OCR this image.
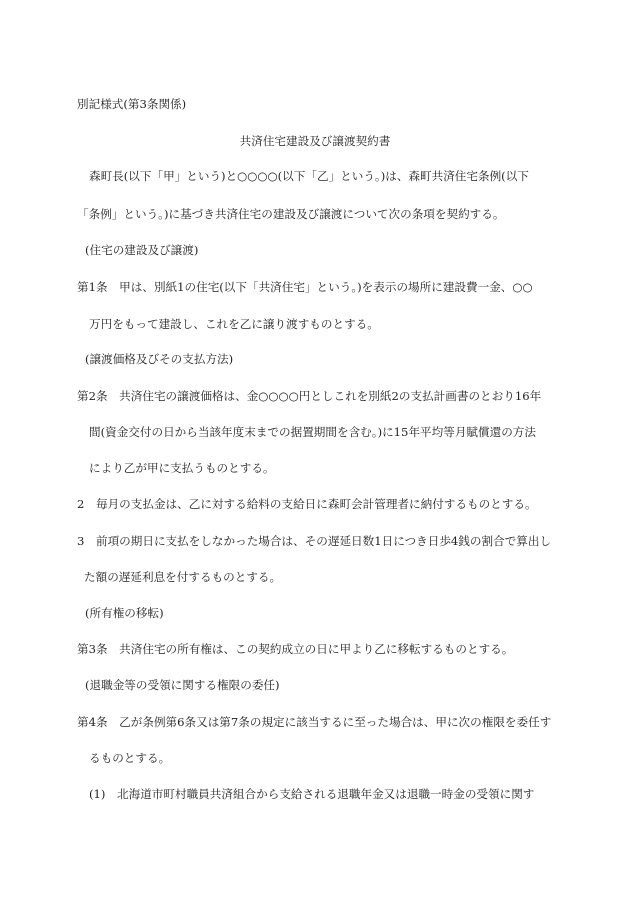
別記様式(第3条関係)
共済住宅建設及び譲渡契約書
森町長(以下「甲」という)と○○○○(以下「乙」という。)は、森町共済住宅条例(以下
「条例」という。)に基づき共済住宅の建設及び譲渡について次の条項を契約する。
(住宅の建設及び譲渡)
第1条　甲は、別紙1の住宅(以下「共済住宅」という。)を表示の場所に建設費一金、○○
万円をもって建設し、これを乙に譲り渡すものとする。
(譲渡価格及びその支払方法)
第2条　共済住宅の譲渡価格は、金○○○○円としこれを別紙2の支払計画書のとおり16年
間(資金交付の日から当該年度末までの据置期間を含む。)に15年平均等月賦償還の方法
により乙が甲に支払うものとする。
2　毎月の支払金は、乙に対する給料の支給日に森町会計管理者に納付するものとする。
3　前項の期日に支払をしなかった場合は、その遅延日数1日につき日歩4銭の割合で算出し
た額の遅延利息を付するものとする。
(所有権の移転)
第3条　共済住宅の所有権は、この契約成立の日に甲より乙に移転するものとする。
(退職金等の受領に関する権限の委任)
第4条　乙が条例第6条又は第7条の規定に該当するに至った場合は、甲に次の権限を委任す
るものとする。
(1)　北海道市町村職員共済組合から支給される退職年金又は退職一時金の受領に関す
